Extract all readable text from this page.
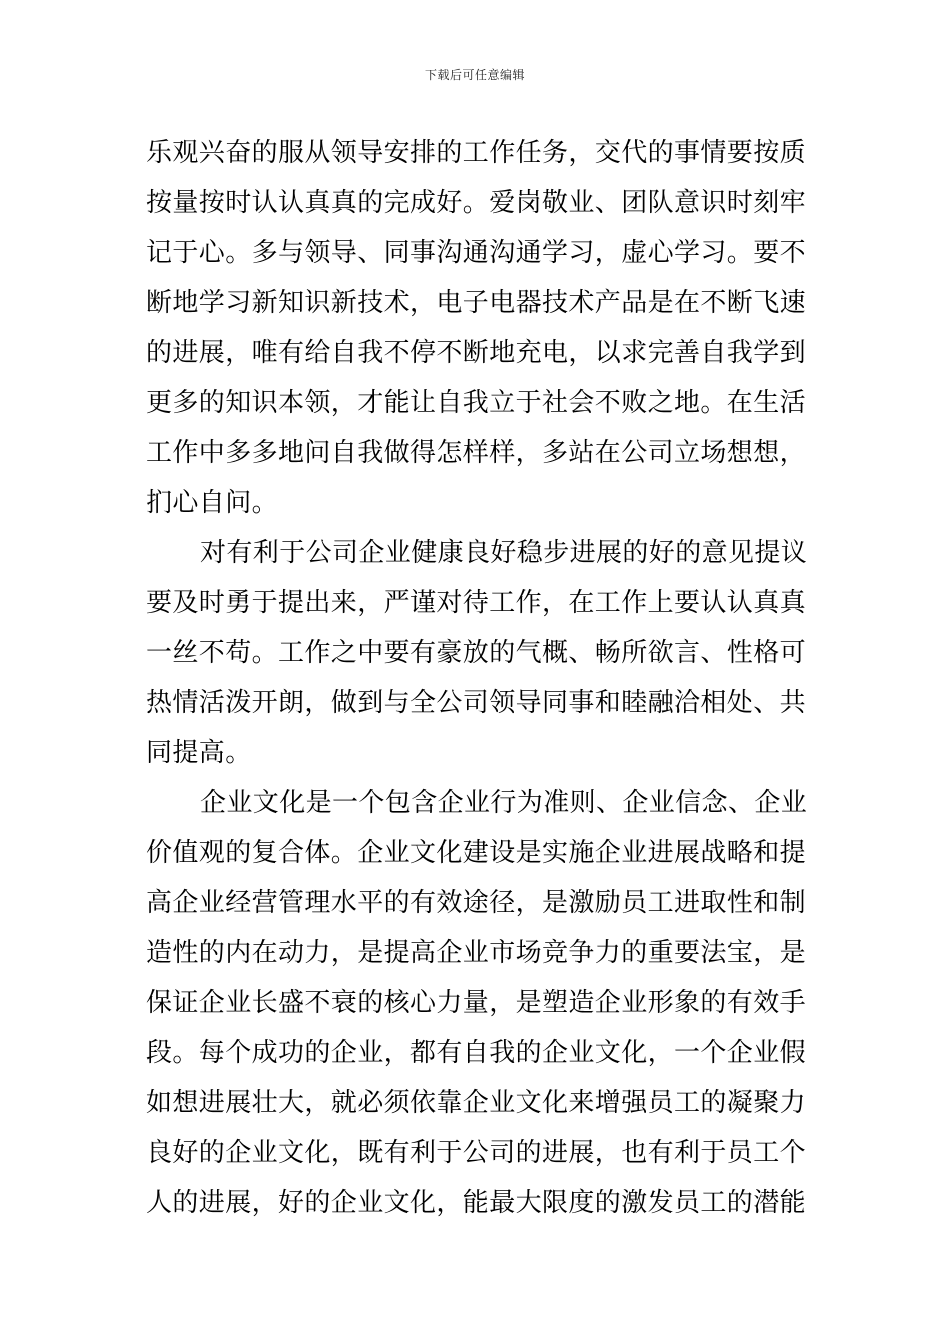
下载后可任意编辑
乐观兴奋的服从领导安排的工作任务，交代的事情要按质
按量按时认认真真的完成好。爱岗敬业、团队意识时刻牢
记于心。多与领导、同事沟通沟通学习，虚心学习。要不
断地学习新知识新技术，电子电器技术产品是在不断飞速
的进展，唯有给自我不停不断地充电，以求完善自我学到
更多的知识本领，才能让自我立于社会不败之地。在生活
工作中多多地问自我做得怎样样，多站在公司立场想想，
扪心自问。
对有利于公司企业健康良好稳步进展的好的意见提议
要及时勇于提出来，严谨对待工作，在工作上要认认真真
一丝不苟。工作之中要有豪放的气概、畅所欲言、性格可
热情活泼开朗，做到与全公司领导同事和睦融洽相处、共
同提高。
企业文化是一个包含企业行为准则、企业信念、企业
价值观的复合体。企业文化建设是实施企业进展战略和提
高企业经营管理水平的有效途径，是激励员工进取性和制
造性的内在动力，是提高企业市场竞争力的重要法宝，是
保证企业长盛不衰的核心力量，是塑造企业形象的有效手
段。每个成功的企业，都有自我的企业文化，一个企业假
如想进展壮大，就必须依靠企业文化来增强员工的凝聚力
良好的企业文化，既有利于公司的进展，也有利于员工个
人的进展，好的企业文化，能最大限度的激发员工的潜能
